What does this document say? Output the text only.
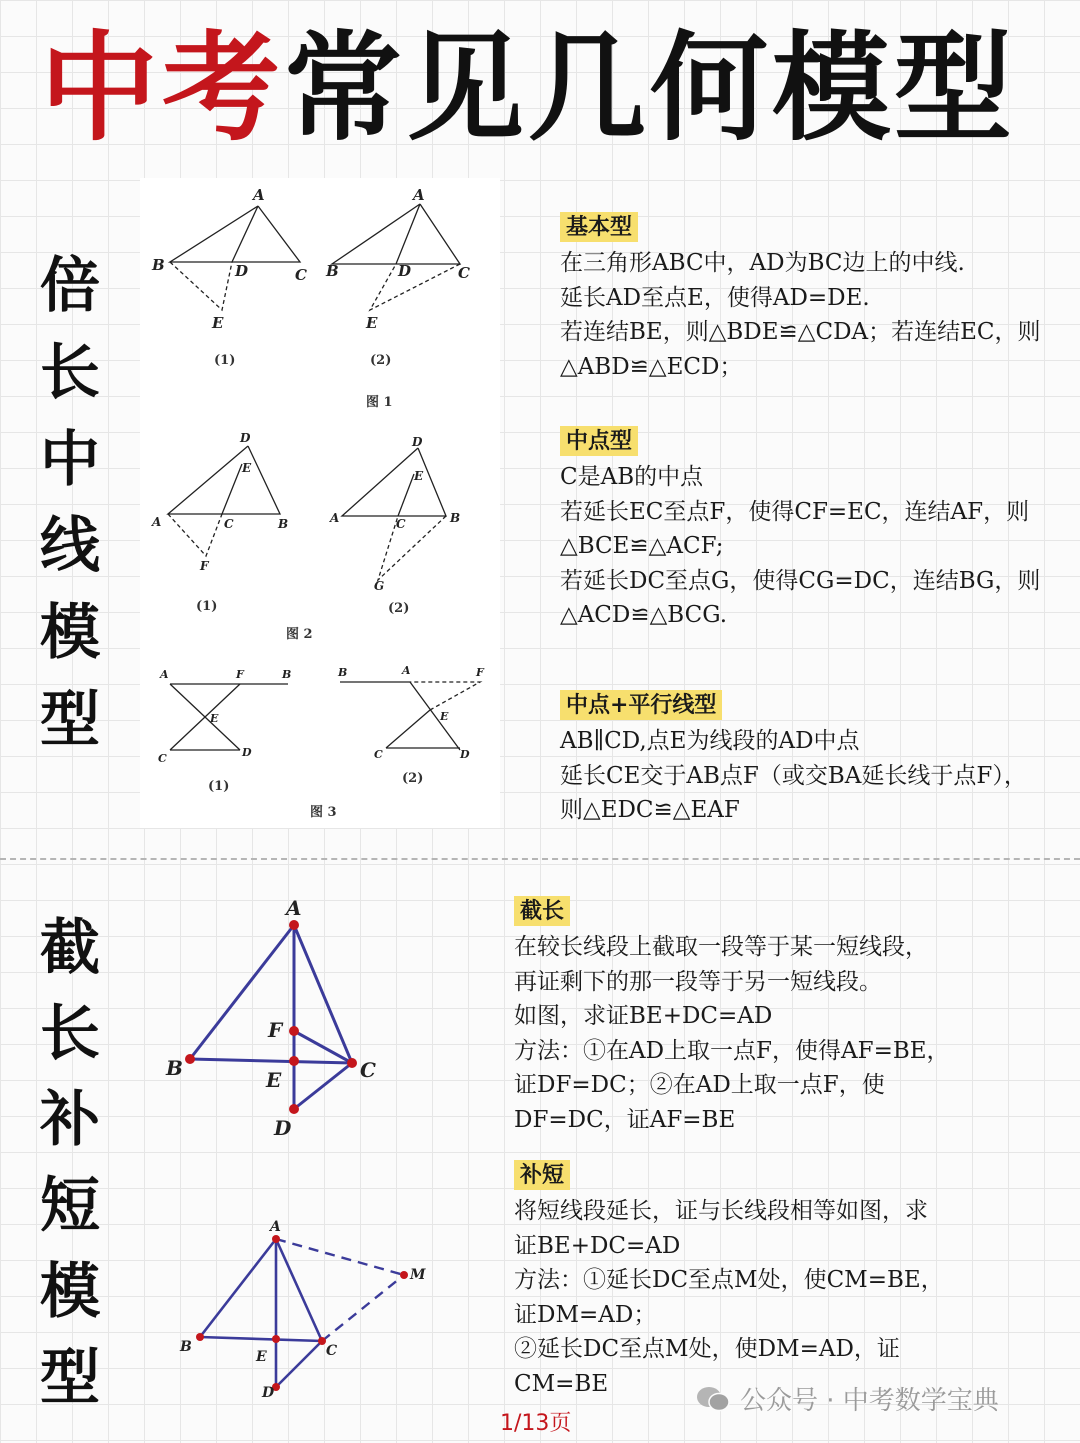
中考常见几何模型
倍
长
中
线
模
型
A
B	D	C
E
A
B	D	C
E
D
E
A	C	B
F
D
E
A	C	B
G
A	F	B
E
C	D
B	A	F
E
C	D
(1)	(2)
图 1
(1)	(2)
图 2
(1)
(2)
图 3
基本型
在三角形ABC中，AD为BC边上的中线.
延长AD至点E，使得AD=DE.
若连结BE，则△BDE≌△CDA；若连结EC，则
△ABD≌△ECD；
中点型
C是AB的中点
若延长EC至点F，使得CF=EC，连结AF，则
△BCE≌△ACF;
若延长DC至点G，使得CG=DC，连结BG，则
△ACD≌△BCG.
中点+平行线型
AB∥CD,点E为线段的AD中点
延长CE交于AB点F（或交BA延长线于点F），
则△EDC≌△EAF
截
长
补
短
模
型
A
B	C
F
E
D
A
B	C
E
D
M
截长
在较长线段上截取一段等于某一短线段，
再证剩下的那一段等于另一短线段。
如图，求证BE+DC=AD
方法：①在AD上取一点F，使得AF=BE，
证DF=DC；②在AD上取一点F，使
DF=DC，证AF=BE
补短
将短线段延长，证与长线段相等如图，求
证BE+DC=AD
方法：①延长DC至点M处，使CM=BE，
证DM=AD；
②延长DC至点M处，使DM=AD，证
CM=BE
公众号 · 中考数学宝典
1/13页
